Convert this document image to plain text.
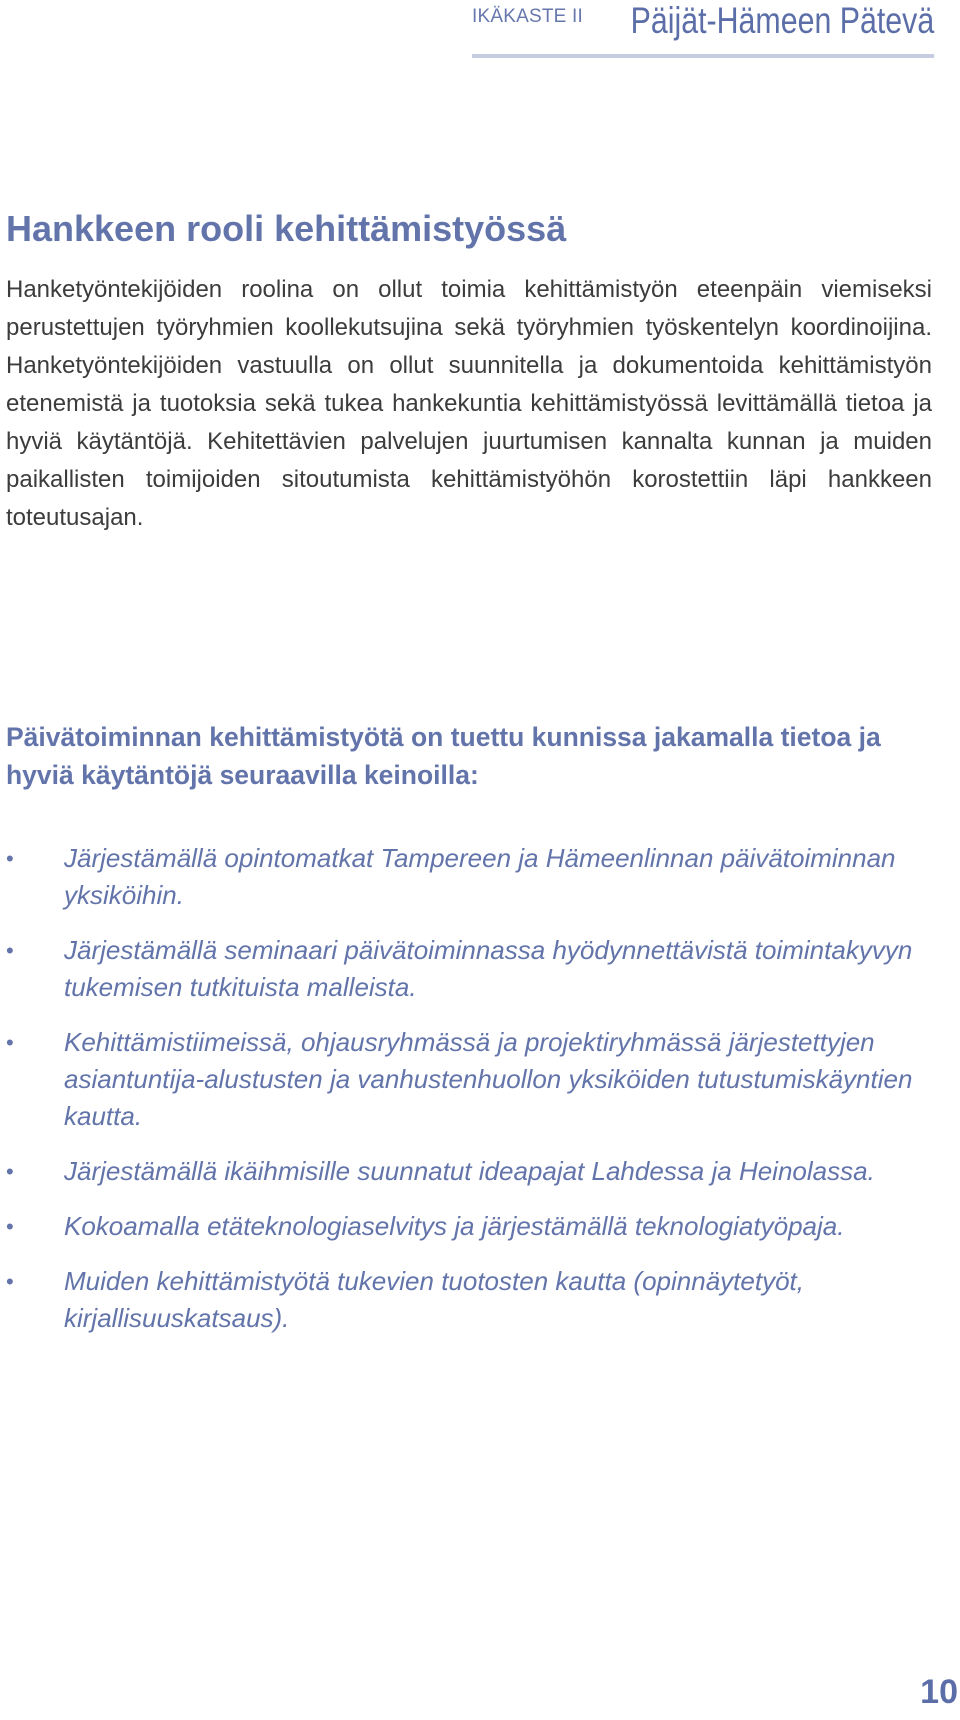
IKÄKASTE II Päijät-Hämeen Pätevä
Hankkeen rooli kehittämistyössä

Hanketyöntekijöiden roolina on ollut toimia kehittämistyön eteenpäin viemiseksi perustettujen työryhmien koollekutsujina sekä työryhmien työskentelyn koordinoijina. Hanketyöntekijöiden vastuulla on ollut suunnitella ja dokumentoida kehittämistyön etenemistä ja tuotoksia sekä tukea hankekuntia kehittämistyössä levittämällä tietoa ja hyviä käytäntöjä. Kehitettävien palvelujen juurtumisen kannalta kunnan ja muiden paikallisten toimijoiden sitoutumista kehittämistyöhön korostettiin läpi hankkeen toteutusajan.

Päivätoiminnan kehittämistyötä on tuettu kunnissa jakamalla tietoa ja hyviä käytäntöjä seuraavilla keinoilla:

•	Järjestämällä opintomatkat Tampereen ja Hämeenlinnan päivätoiminnan yksiköihin.
•	Järjestämällä seminaari päivätoiminnassa hyödynnettävistä toimintakyvyn tukemisen tutkituista malleista.
•	Kehittämistiimeissä, ohjausryhmässä ja projektiryhmässä järjestettyjen asiantuntija-alustusten ja vanhustenhuollon yksiköiden tutustumiskäyntien kautta.
•	Järjestämällä ikäihmisille suunnatut ideapajat Lahdessa ja Heinolassa.
•	Kokoamalla etäteknologiaselvitys ja järjestämällä teknologiatyöpaja.
•	Muiden kehittämistyötä tukevien tuotosten kautta (opinnäytetyöt, kirjallisuuskatsaus).
10
